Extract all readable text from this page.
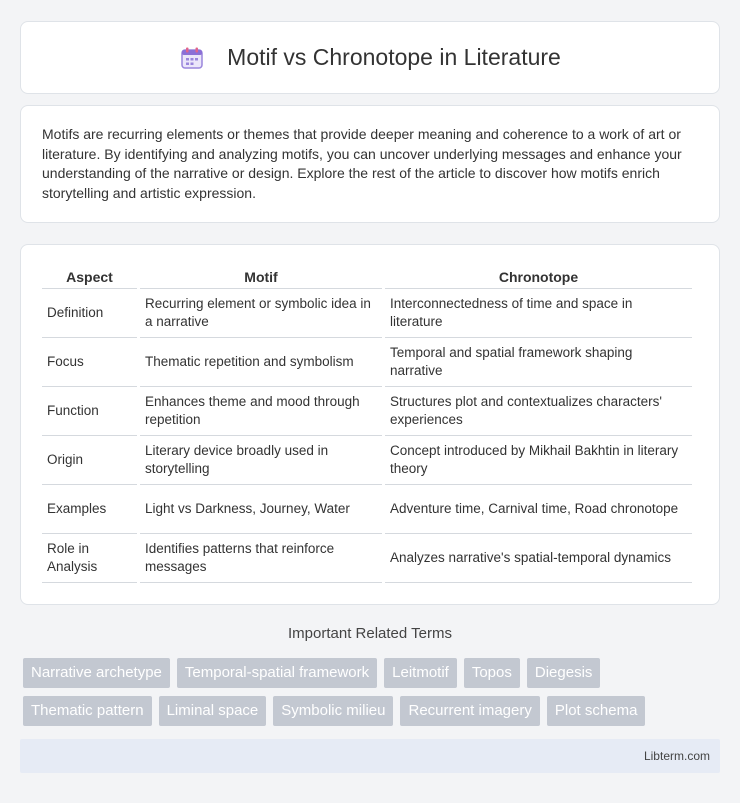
Motif vs Chronotope in Literature

Motifs are recurring elements or themes that provide deeper meaning and coherence to a work of art or literature. By identifying and analyzing motifs, you can uncover underlying messages and enhance your understanding of the narrative or design. Explore the rest of the article to discover how motifs enrich storytelling and artistic expression.

Aspect	Motif	Chronotope
Definition	Recurring element or symbolic idea in a narrative	Interconnectedness of time and space in literature
Focus	Thematic repetition and symbolism	Temporal and spatial framework shaping narrative
Function	Enhances theme and mood through repetition	Structures plot and contextualizes characters' experiences
Origin	Literary device broadly used in storytelling	Concept introduced by Mikhail Bakhtin in literary theory
Examples	Light vs Darkness, Journey, Water	Adventure time, Carnival time, Road chronotope
Role in Analysis	Identifies patterns that reinforce messages	Analyzes narrative's spatial-temporal dynamics
Important Related Terms
Narrative archetype	Temporal-spatial framework	Leitmotif	Topos	Diegesis
Thematic pattern	Liminal space	Symbolic milieu	Recurrent imagery	Plot schema
Libterm.com
